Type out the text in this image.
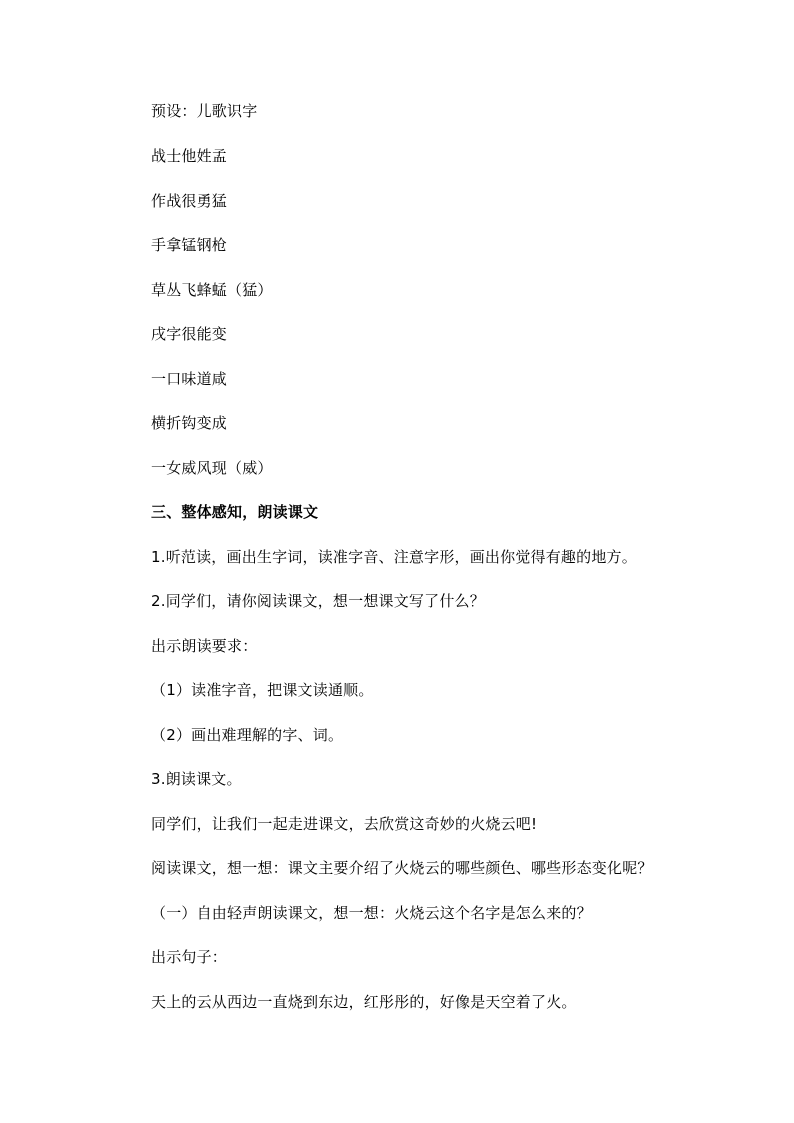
预设：儿歌识字
战士他姓孟
作战很勇猛
手拿锰钢枪
草丛飞蜂蜢（猛）
戌字很能变
一口味道咸
横折钩变成
一女威风现（威）
三、整体感知，朗读课文
1.听范读，画出生字词，读准字音、注意字形，画出你觉得有趣的地方。
2.同学们，请你阅读课文，想一想课文写了什么？
出示朗读要求：
（1）读准字音，把课文读通顺。
（2）画出难理解的字、词。
3.朗读课文。
同学们，让我们一起走进课文，去欣赏这奇妙的火烧云吧!
阅读课文，想一想：课文主要介绍了火烧云的哪些颜色、哪些形态变化呢？
（一）自由轻声朗读课文，想一想：火烧云这个名字是怎么来的？
出示句子：
天上的云从西边一直烧到东边，红彤彤的，好像是天空着了火。
